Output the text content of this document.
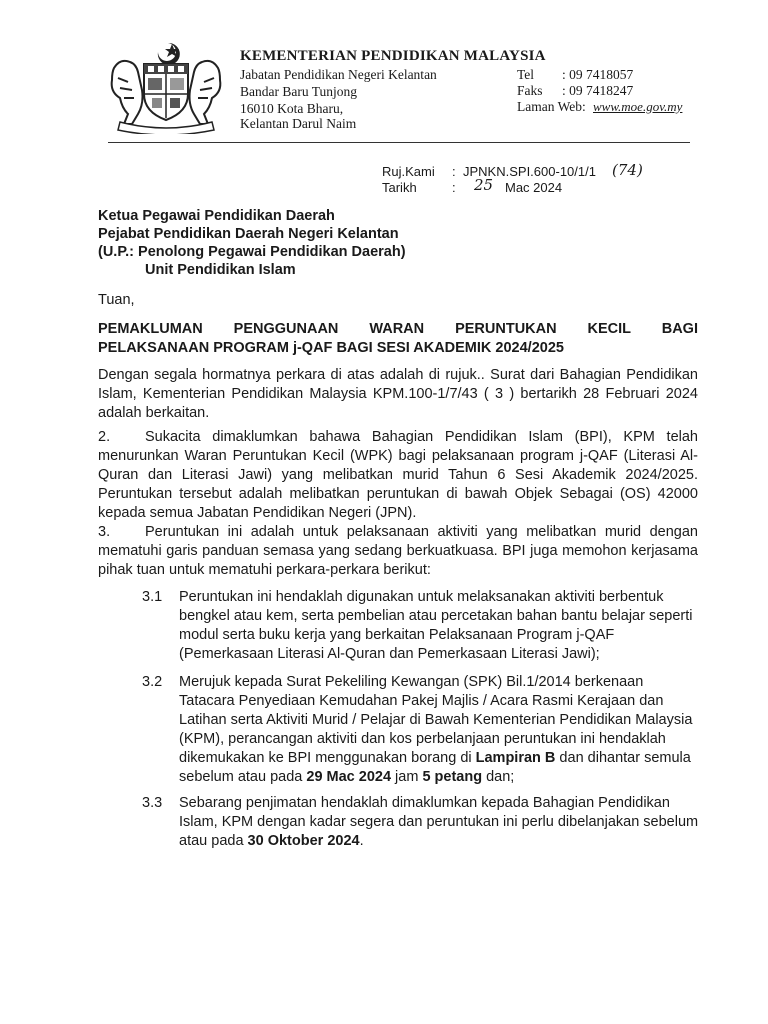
KEMENTERIAN PENDIDIKAN MALAYSIA
Jabatan Pendidikan Negeri Kelantan
Bandar Baru Tunjong
16010 Kota Bharu,
Kelantan Darul Naim
Tel : 09 7418057
Faks : 09 7418247
Laman Web: www.moe.gov.my
Ruj.Kami : JPNKN.SPI.600-10/1/1 (74)
Tarikh	: 25 Mac 2024
Ketua Pegawai Pendidikan Daerah
Pejabat Pendidikan Daerah Negeri Kelantan
(U.P.: Penolong Pegawai Pendidikan Daerah)
Unit Pendidikan Islam
Tuan,
PEMAKLUMAN PENGGUNAAN WARAN PERUNTUKAN KECIL BAGI
PELAKSANAAN PROGRAM j-QAF BAGI SESI AKADEMIK 2024/2025
Dengan segala hormatnya perkara di atas adalah di rujuk.. Surat dari Bahagian Pendidikan Islam, Kementerian Pendidikan Malaysia KPM.100-1/7/43 ( 3 ) bertarikh 28 Februari 2024 adalah berkaitan.
2. Sukacita dimaklumkan bahawa Bahagian Pendidikan Islam (BPI), KPM telah menurunkan Waran Peruntukan Kecil (WPK) bagi pelaksanaan program j-QAF (Literasi Al-Quran dan Literasi Jawi) yang melibatkan murid Tahun 6 Sesi Akademik 2024/2025. Peruntukan tersebut adalah melibatkan peruntukan di bawah Objek Sebagai (OS) 42000 kepada semua Jabatan Pendidikan Negeri (JPN).
3. Peruntukan ini adalah untuk pelaksanaan aktiviti yang melibatkan murid dengan mematuhi garis panduan semasa yang sedang berkuatkuasa. BPI juga memohon kerjasama pihak tuan untuk mematuhi perkara-perkara berikut:
3.1 Peruntukan ini hendaklah digunakan untuk melaksanakan aktiviti berbentuk bengkel atau kem, serta pembelian atau percetakan bahan bantu belajar seperti modul serta buku kerja yang berkaitan Pelaksanaan Program j-QAF (Pemerkasaan Literasi Al-Quran dan Pemerkasaan Literasi Jawi);
3.2 Merujuk kepada Surat Pekeliling Kewangan (SPK) Bil.1/2014 berkenaan Tatacara Penyediaan Kemudahan Pakej Majlis / Acara Rasmi Kerajaan dan Latihan serta Aktiviti Murid / Pelajar di Bawah Kementerian Pendidikan Malaysia (KPM), perancangan aktiviti dan kos perbelanjaan peruntukan ini hendaklah dikemukakan ke BPI menggunakan borang di Lampiran B dan dihantar semula sebelum atau pada 29 Mac 2024 jam 5 petang dan;
3.3 Sebarang penjimatan hendaklah dimaklumkan kepada Bahagian Pendidikan Islam, KPM dengan kadar segera dan peruntukan ini perlu dibelanjakan sebelum atau pada 30 Oktober 2024.
